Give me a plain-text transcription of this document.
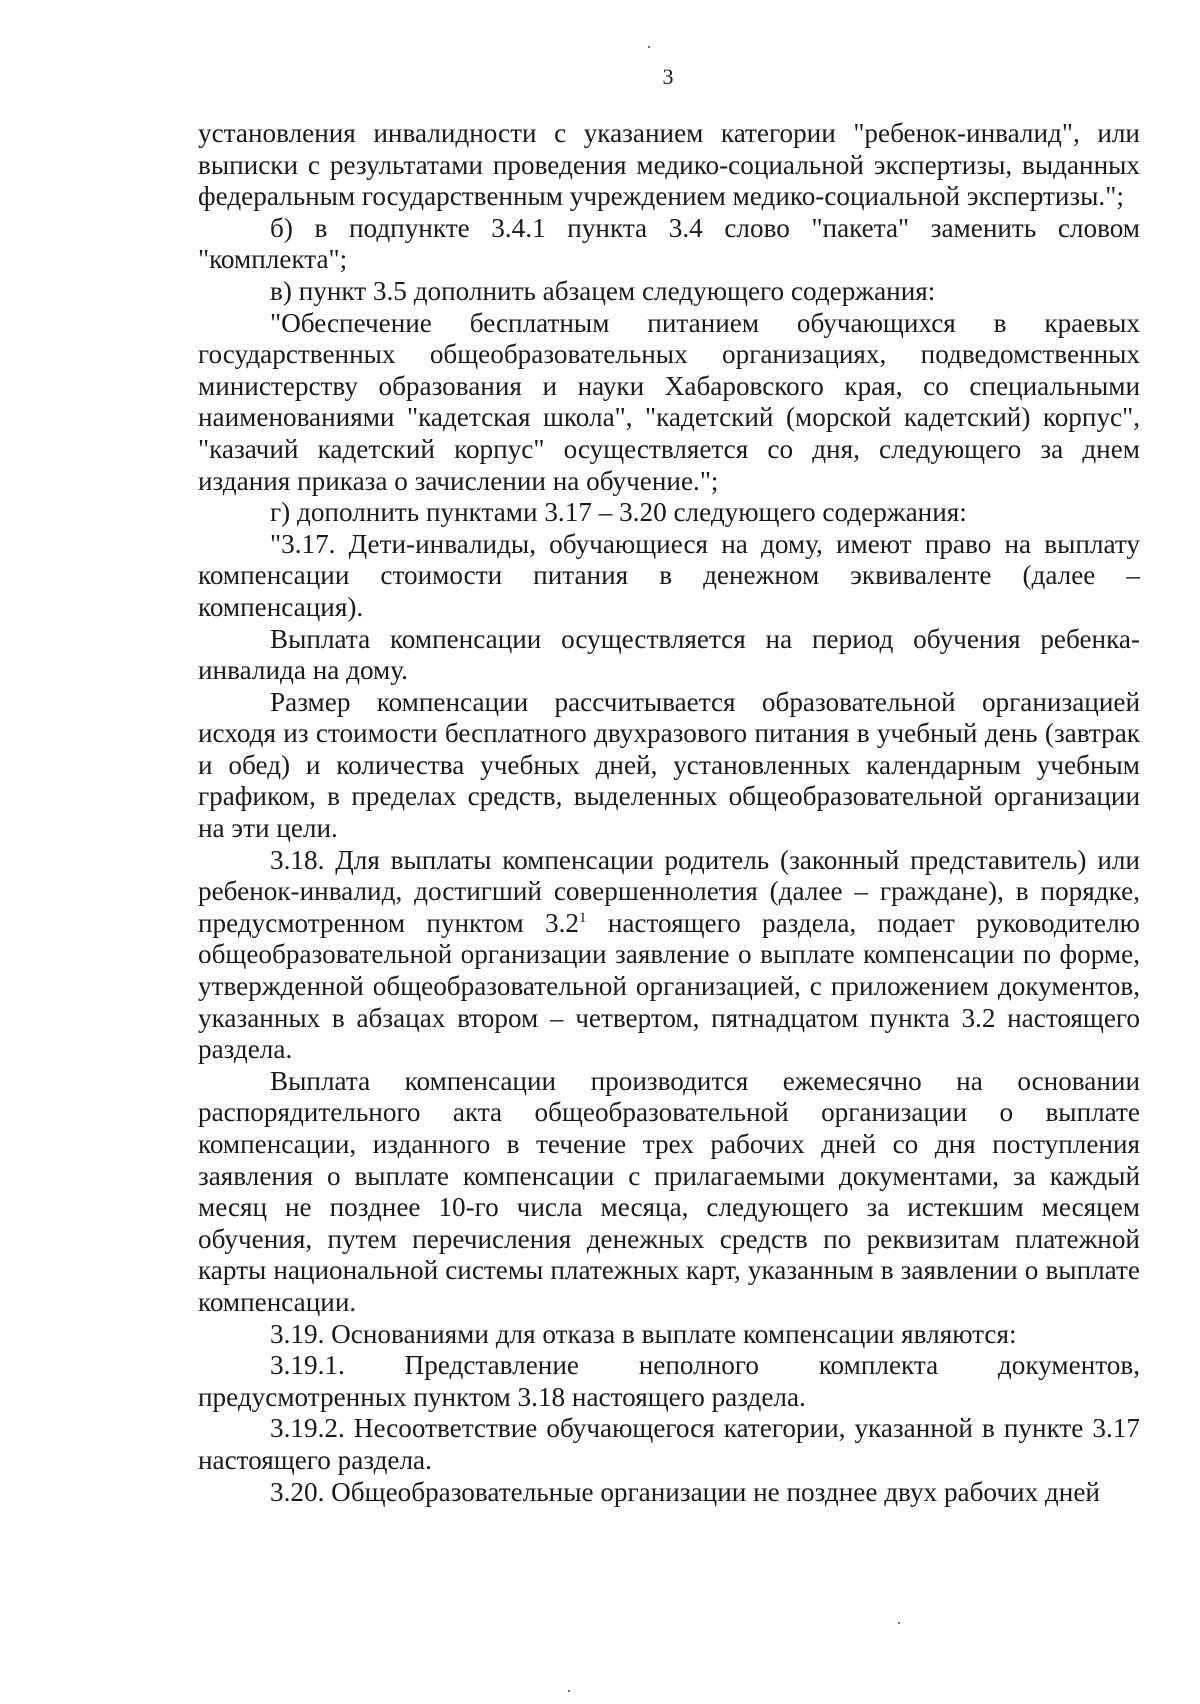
3

установления инвалидности с указанием категории "ребенок-инвалид", или выписки с результатами проведения медико-социальной экспертизы, выданных федеральным государственным учреждением медико-социальной экспертизы.";

б) в подпункте 3.4.1 пункта 3.4 слово "пакета" заменить словом "комплекта";

в) пункт 3.5 дополнить абзацем следующего содержания:

"Обеспечение бесплатным питанием обучающихся в краевых государственных общеобразовательных организациях, подведомственных министерству образования и науки Хабаровского края, со специальными наименованиями "кадетская школа", "кадетский (морской кадетский) корпус", "казачий кадетский корпус" осуществляется со дня, следующего за днем издания приказа о зачислении на обучение.";

г) дополнить пунктами 3.17 – 3.20 следующего содержания:

"3.17. Дети-инвалиды, обучающиеся на дому, имеют право на выплату компенсации стоимости питания в денежном эквиваленте (далее – компенсация).

Выплата компенсации осуществляется на период обучения ребенка-инвалида на дому.

Размер компенсации рассчитывается образовательной организацией исходя из стоимости бесплатного двухразового питания в учебный день (завтрак и обед) и количества учебных дней, установленных календарным учебным графиком, в пределах средств, выделенных общеобразовательной организации на эти цели.

3.18. Для выплаты компенсации родитель (законный представитель) или ребенок-инвалид, достигший совершеннолетия (далее – граждане), в порядке, предусмотренном пунктом $3.2^1$ настоящего раздела, подает руководителю общеобразовательной организации заявление о выплате компенсации по форме, утвержденной общеобразовательной организацией, с приложением документов, указанных в абзацах втором – четвертом, пятнадцатом пункта 3.2 настоящего раздела.

Выплата компенсации производится ежемесячно на основании распорядительного акта общеобразовательной организации о выплате компенсации, изданного в течение трех рабочих дней со дня поступления заявления о выплате компенсации с прилагаемыми документами, за каждый месяц не позднее 10-го числа месяца, следующего за истекшим месяцем обучения, путем перечисления денежных средств по реквизитам платежной карты национальной системы платежных карт, указанным в заявлении о выплате компенсации.

3.19. Основаниями для отказа в выплате компенсации являются:

3.19.1. Представление неполного комплекта документов, предусмотренных пунктом 3.18 настоящего раздела.

3.19.2. Несоответствие обучающегося категории, указанной в пункте 3.17 настоящего раздела.

3.20. Общеобразовательные организации не позднее двух рабочих дней
